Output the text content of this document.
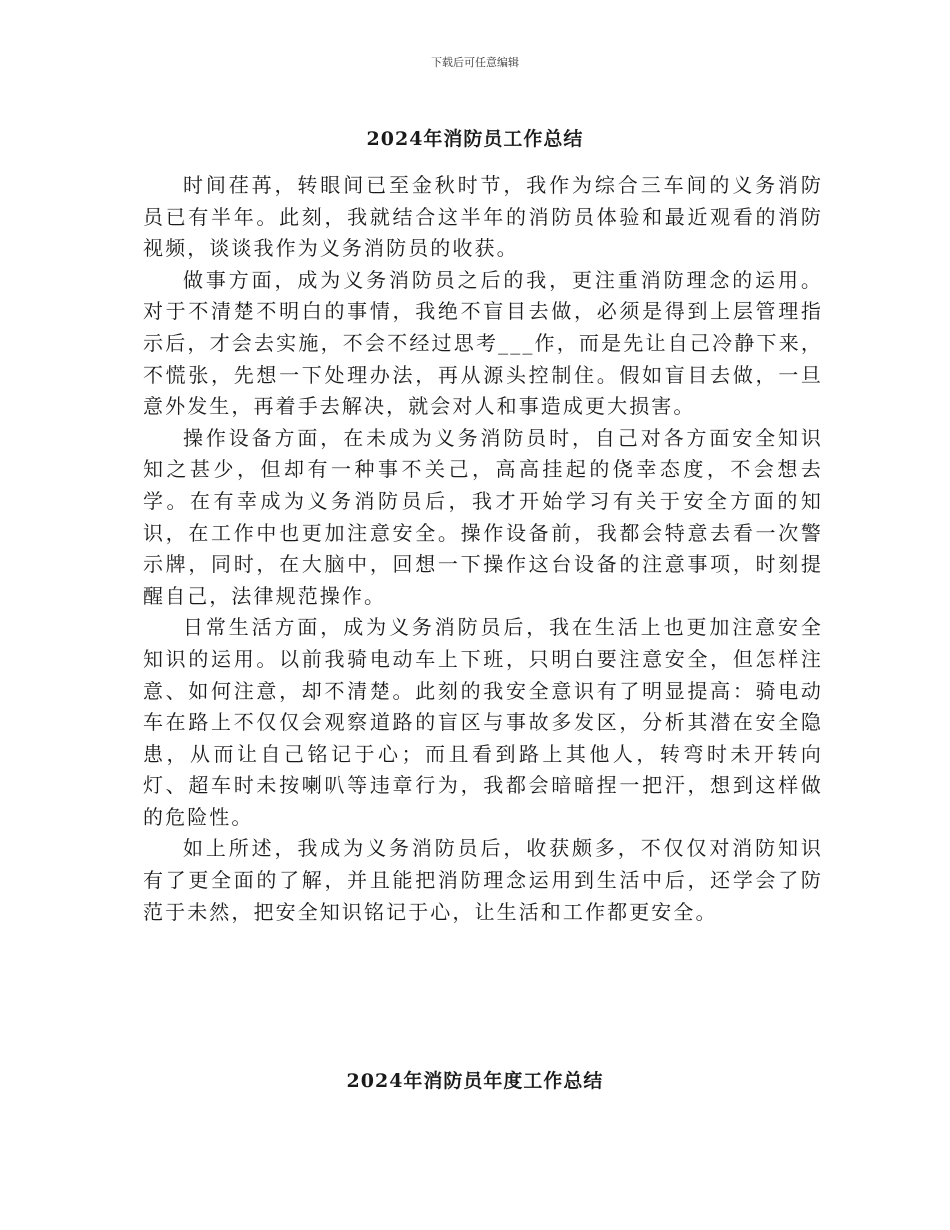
下载后可任意编辑
2024年消防员工作总结

时间荏苒，转眼间已至金秋时节，我作为综合三车间的义务消防员已有半年。此刻，我就结合这半年的消防员体验和最近观看的消防视频，谈谈我作为义务消防员的收获。

做事方面，成为义务消防员之后的我，更注重消防理念的运用。对于不清楚不明白的事情，我绝不盲目去做，必须是得到上层管理指示后，才会去实施，不会不经过思考___作，而是先让自己冷静下来，不慌张，先想一下处理办法，再从源头控制住。假如盲目去做，一旦意外发生，再着手去解决，就会对人和事造成更大损害。

操作设备方面，在未成为义务消防员时，自己对各方面安全知识知之甚少，但却有一种事不关己，高高挂起的侥幸态度，不会想去学。在有幸成为义务消防员后，我才开始学习有关于安全方面的知识，在工作中也更加注意安全。操作设备前，我都会特意去看一次警示牌，同时，在大脑中，回想一下操作这台设备的注意事项，时刻提醒自己，法律规范操作。

日常生活方面，成为义务消防员后，我在生活上也更加注意安全知识的运用。以前我骑电动车上下班，只明白要注意安全，但怎样注意、如何注意，却不清楚。此刻的我安全意识有了明显提高：骑电动车在路上不仅仅会观察道路的盲区与事故多发区，分析其潜在安全隐患，从而让自己铭记于心；而且看到路上其他人，转弯时未开转向灯、超车时未按喇叭等违章行为，我都会暗暗捏一把汗，想到这样做的危险性。

如上所述，我成为义务消防员后，收获颇多，不仅仅对消防知识有了更全面的了解，并且能把消防理念运用到生活中后，还学会了防范于未然，把安全知识铭记于心，让生活和工作都更安全。

2024年消防员年度工作总结
